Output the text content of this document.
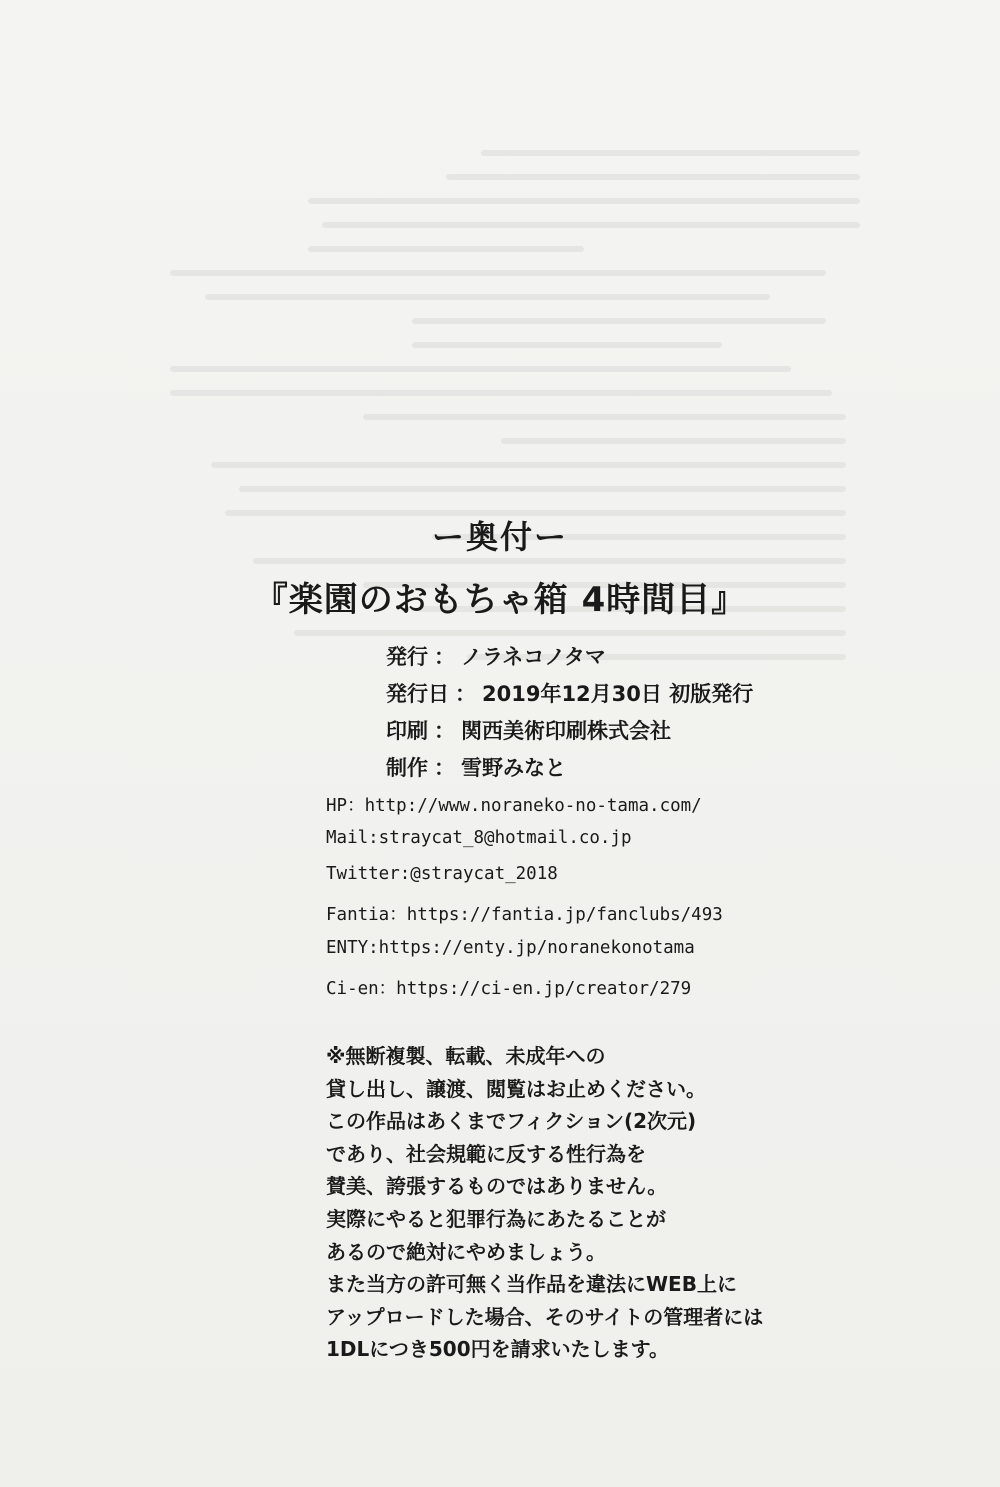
ー奥付ー
『楽園のおもちゃ箱 4時間目』
発行 ： ノラネコノタマ
発行日 ： 2019年12月30日 初版発行
印刷 ： 関西美術印刷株式会社
制作 ： 雪野みなと
HP：http://www.noraneko-no-tama.com/
Mail:straycat_8@hotmail.co.jp
Twitter:@straycat_2018
Fantia：https://fantia.jp/fanclubs/493
ENTY:https://enty.jp/noranekonotama
Ci-en：https://ci-en.jp/creator/279
※無断複製、転載、未成年への
貸し出し、譲渡、閲覧はお止めください。
この作品はあくまでフィクション(2次元)
であり、社会規範に反する性行為を
賛美、誇張するものではありません。
実際にやると犯罪行為にあたることが
あるので絶対にやめましょう。
また当方の許可無く当作品を違法にWEB上に
アップロードした場合、そのサイトの管理者には
1DLにつき500円を請求いたします。
